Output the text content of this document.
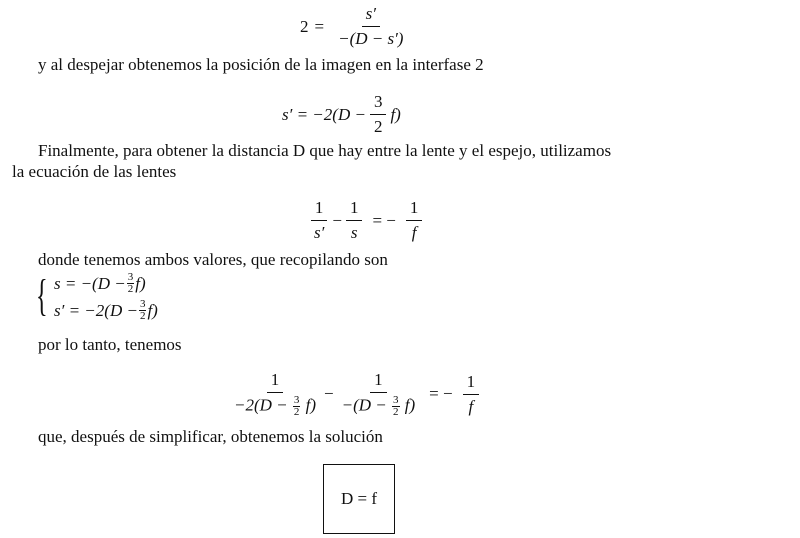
$2 = \frac{s'}{-(D - s')}$
y al despejar obtenemos la posición de la imagen en la interfase 2
$s' = -2(D - \frac{3}{2} f)$
Finalmente, para obtener la distancia D que hay entre la lente y el espejo, utilizamos
la ecuación de las lentes
$\frac{1}{s'} - \frac{1}{s}$ = − $\frac{1}{f}$
donde tenemos ambos valores, que recopilando son
{ $s = -(D - \frac{3}{2} f)$
$s' = -2(D - \frac{3}{2} f)$
por lo tanto, tenemos
$\frac{1}{-2(D - \frac{3}{2} f)} - \frac{1}{-(D - \frac{3}{2} f)}$ = − $\frac{1}{f}$
que, después de simplificar, obtenemos la solución
D = f
